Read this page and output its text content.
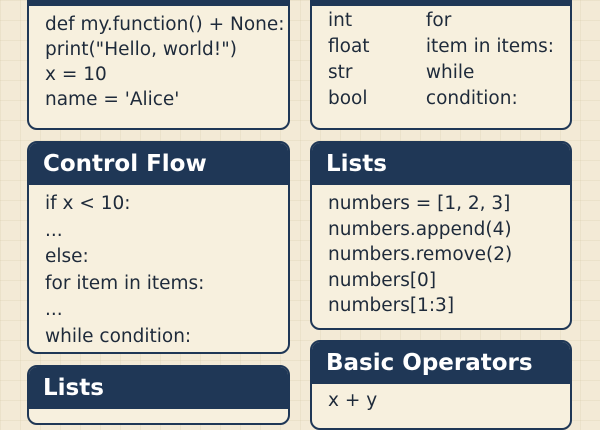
def my.function() + None:
print("Hello, world!")
x = 10
name = 'Alice'
int
float
str
bool
for
item in items:
while
condition:
Control Flow
if x < 10:
...
else:
for item in items:
...
while condition:
Lists
numbers = [1, 2, 3]
numbers.append(4)
numbers.remove(2)
numbers[0]
numbers[1:3]
Lists
Basic Operators
x + y
